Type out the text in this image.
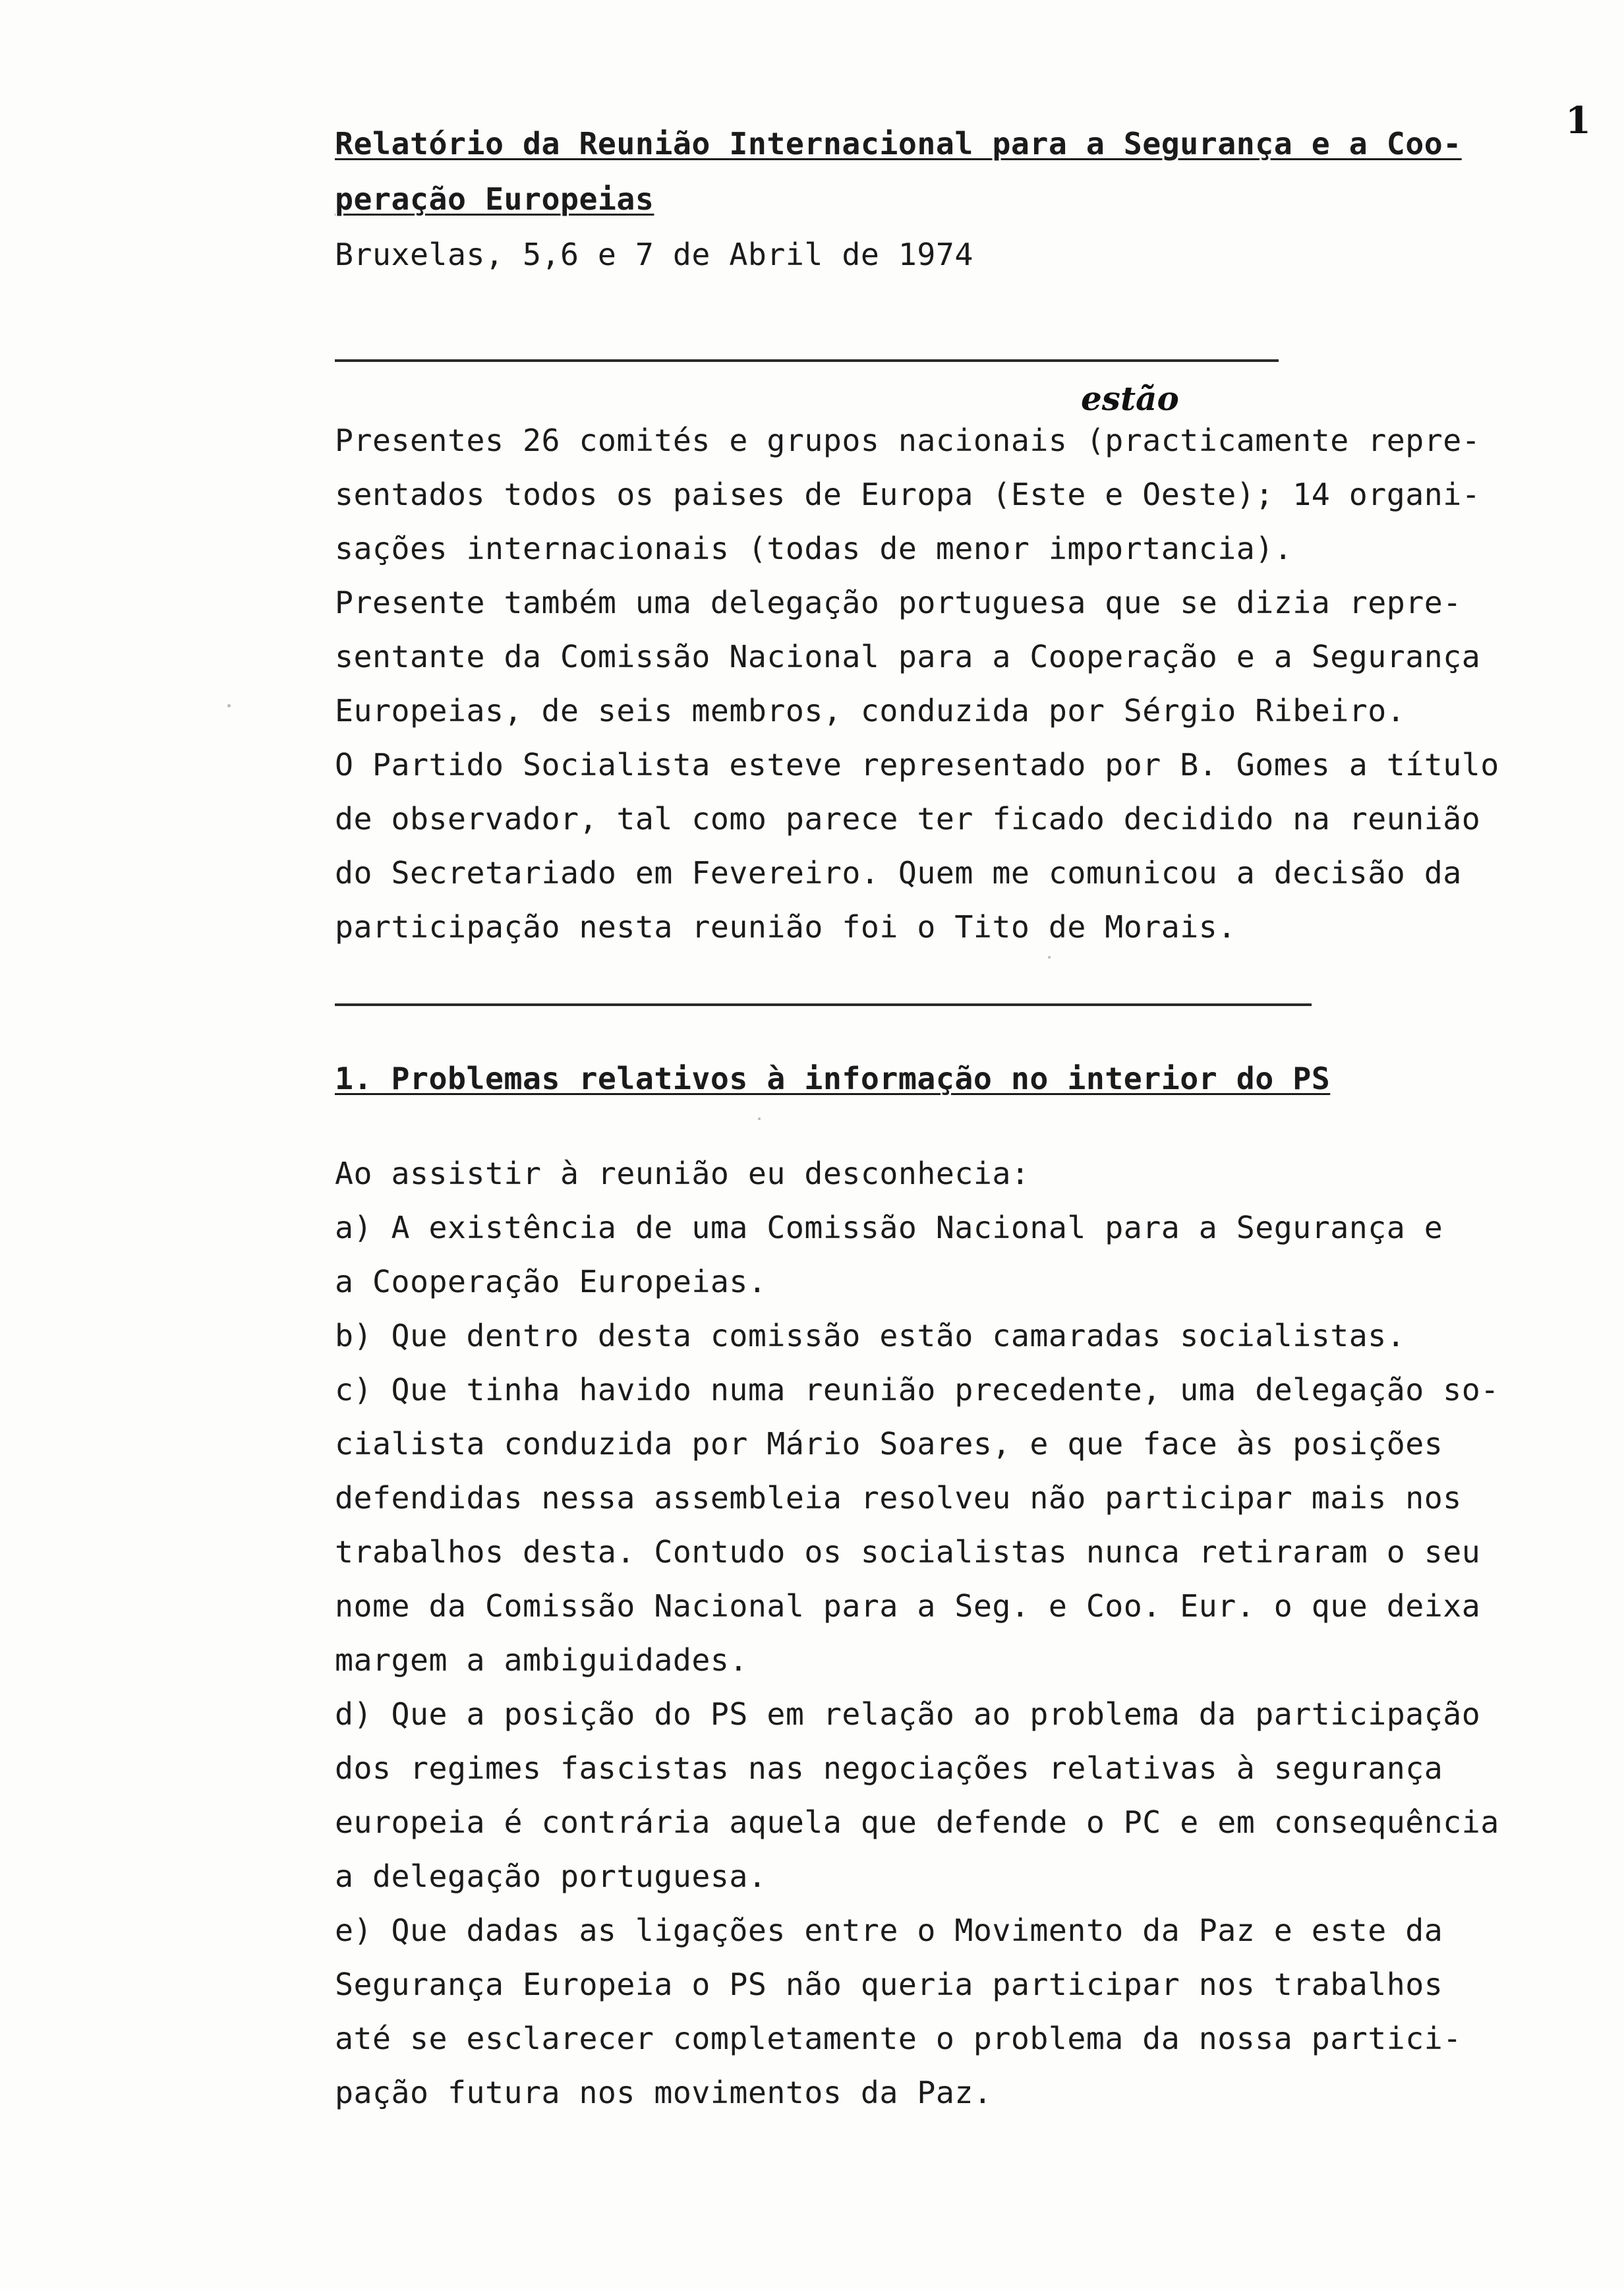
1
Relatório da Reunião Internacional para a Segurança e a Coo-
peração Europeias
Bruxelas, 5,6 e 7 de Abril de 1974
estão
Presentes 26 comités e grupos nacionais (practicamente repre-
sentados todos os paises de Europa (Este e Oeste); 14 organi-
sações internacionais (todas de menor importancia).
Presente também uma delegação portuguesa que se dizia repre-
sentante da Comissão Nacional para a Cooperação e a Segurança
Europeias, de seis membros, conduzida por Sérgio Ribeiro.
O Partido Socialista esteve representado por B. Gomes a título
de observador, tal como parece ter ficado decidido na reunião
do Secretariado em Fevereiro. Quem me comunicou a decisão da
participação nesta reunião foi o Tito de Morais.
1. Problemas relativos à informação no interior do PS
Ao assistir à reunião eu desconhecia:
a) A existência de uma Comissão Nacional para a Segurança e
a Cooperação Europeias.
b) Que dentro desta comissão estão camaradas socialistas.
c) Que tinha havido numa reunião precedente, uma delegação so-
cialista conduzida por Mário Soares, e que face às posições
defendidas nessa assembleia resolveu não participar mais nos
trabalhos desta. Contudo os socialistas nunca retiraram o seu
nome da Comissão Nacional para a Seg. e Coo. Eur. o que deixa
margem a ambiguidades.
d) Que a posição do PS em relação ao problema da participação
dos regimes fascistas nas negociações relativas à segurança
europeia é contrária aquela que defende o PC e em consequência
a delegação portuguesa.
e) Que dadas as ligações entre o Movimento da Paz e este da
Segurança Europeia o PS não queria participar nos trabalhos
até se esclarecer completamente o problema da nossa partici-
pação futura nos movimentos da Paz.
